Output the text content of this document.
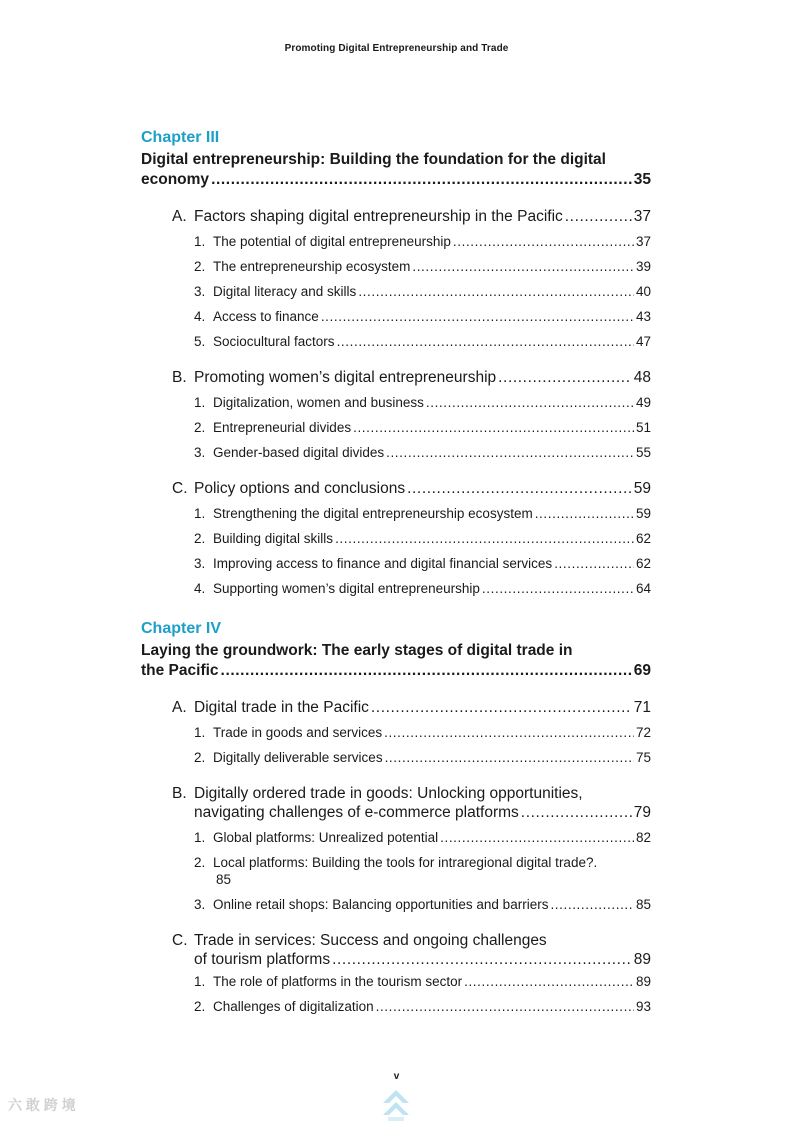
Promoting Digital Entrepreneurship and Trade
Chapter III
Digital entrepreneurship: Building the foundation for the digital
economy .....	35
A. Factors shaping digital entrepreneurship in the Pacific .....	37
1. The potential of digital entrepreneurship .....	37
2. The entrepreneurship ecosystem .....	39
3. Digital literacy and skills .....	40
4. Access to finance .....	43
5. Sociocultural factors .....	47
B. Promoting women’s digital entrepreneurship .....	48
1. Digitalization, women and business .....	49
2. Entrepreneurial divides .....	51
3. Gender-based digital divides .....	55
C. Policy options and conclusions .....	59
1. Strengthening the digital entrepreneurship ecosystem .....	59
2. Building digital skills .....	62
3. Improving access to finance and digital financial services .....	62
4. Supporting women’s digital entrepreneurship .....	64
Chapter IV
Laying the groundwork: The early stages of digital trade in
the Pacific .....	69
A. Digital trade in the Pacific .....	71
1. Trade in goods and services .....	72
2. Digitally deliverable services .....	75
B. Digitally ordered trade in goods: Unlocking opportunities,
navigating challenges of e-commerce platforms .....	79
1. Global platforms: Unrealized potential .....	82
2. Local platforms: Building the tools for intraregional digital trade?.
85
3. Online retail shops: Balancing opportunities and barriers .....	85
C. Trade in services: Success and ongoing challenges
of tourism platforms .....	89
1. The role of platforms in the tourism sector .....	89
2. Challenges of digitalization .....	93
v
六 敢 跨 境
